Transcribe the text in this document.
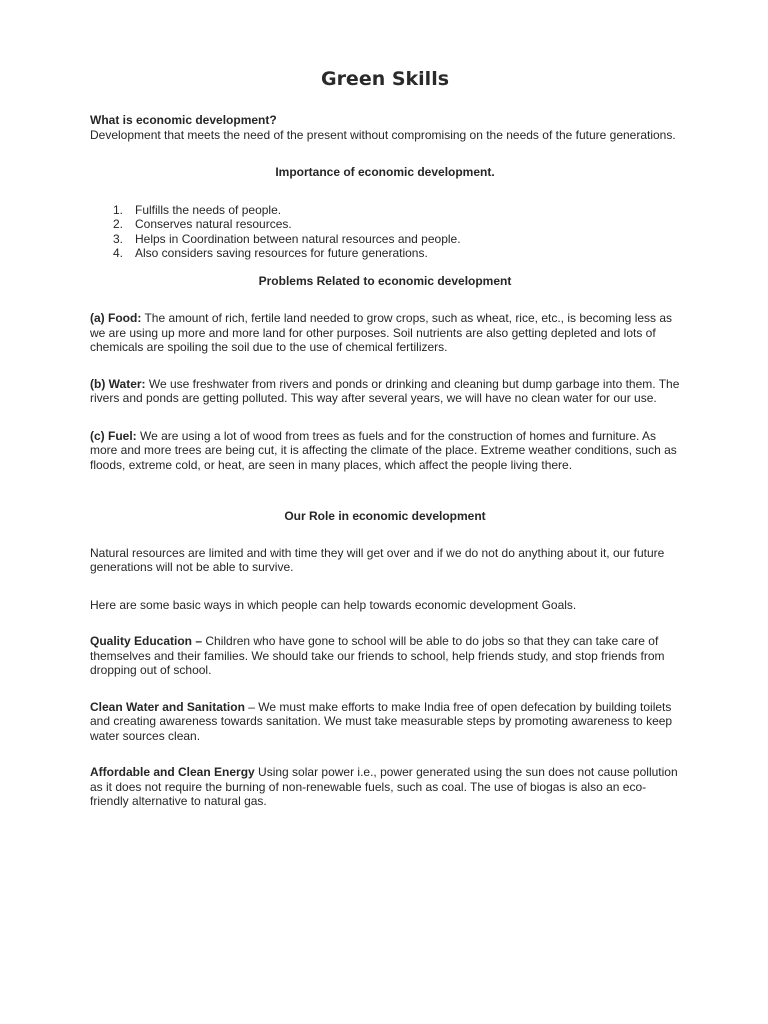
Green Skills

What is economic development?

Development that meets the need of the present without compromising on the needs of the future generations.

Importance of economic development.

1. Fulfills the needs of people.
2. Conserves natural resources.
3. Helps in Coordination between natural resources and people.
4. Also considers saving resources for future generations.

Problems Related to economic development

(a) Food: The amount of rich, fertile land needed to grow crops, such as wheat, rice, etc., is becoming less as we are using up more and more land for other purposes. Soil nutrients are also getting depleted and lots of chemicals are spoiling the soil due to the use of chemical fertilizers.

(b) Water: We use freshwater from rivers and ponds or drinking and cleaning but dump garbage into them. The rivers and ponds are getting polluted. This way after several years, we will have no clean water for our use.

(c) Fuel: We are using a lot of wood from trees as fuels and for the construction of homes and furniture. As more and more trees are being cut, it is affecting the climate of the place. Extreme weather conditions, such as floods, extreme cold, or heat, are seen in many places, which affect the people living there.

Our Role in economic development

Natural resources are limited and with time they will get over and if we do not do anything about it, our future generations will not be able to survive.

Here are some basic ways in which people can help towards economic development Goals.

Quality Education – Children who have gone to school will be able to do jobs so that they can take care of themselves and their families. We should take our friends to school, help friends study, and stop friends from dropping out of school.

Clean Water and Sanitation – We must make efforts to make India free of open defecation by building toilets and creating awareness towards sanitation. We must take measurable steps by promoting awareness to keep water sources clean.

Affordable and Clean Energy Using solar power i.e., power generated using the sun does not cause pollution as it does not require the burning of non-renewable fuels, such as coal. The use of biogas is also an eco-friendly alternative to natural gas.
